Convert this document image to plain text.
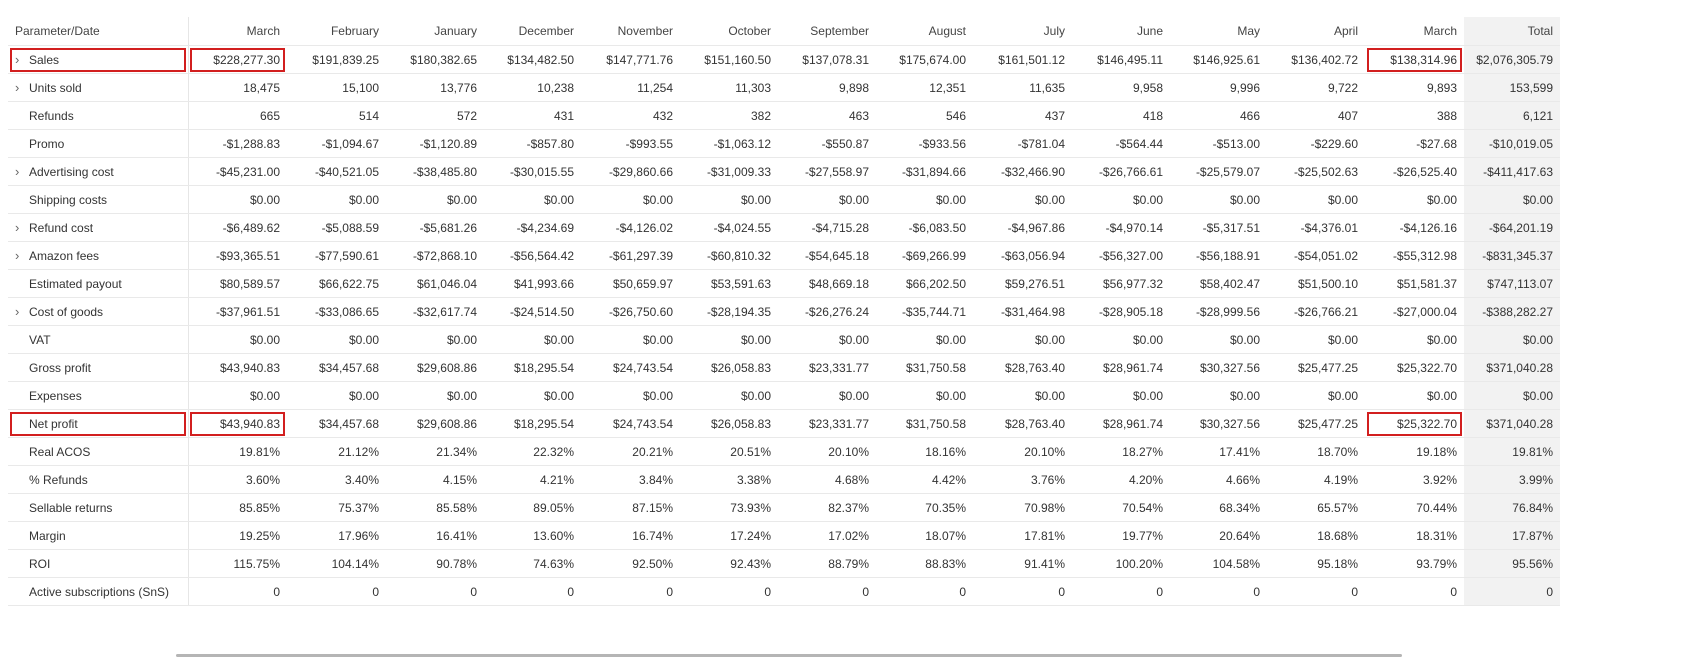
Parameter/Date	March	February	January	December	November	October	September	August	July	June	May	April	March	Total
› Sales	$228,277.30	$191,839.25	$180,382.65	$134,482.50	$147,771.76	$151,160.50	$137,078.31	$175,674.00	$161,501.12	$146,495.11	$146,925.61	$136,402.72	$138,314.96	$2,076,305.79
› Units sold	18,475	15,100	13,776	10,238	11,254	11,303	9,898	12,351	11,635	9,958	9,996	9,722	9,893	153,599
Refunds	665	514	572	431	432	382	463	546	437	418	466	407	388	6,121
Promo	-$1,288.83	-$1,094.67	-$1,120.89	-$857.80	-$993.55	-$1,063.12	-$550.87	-$933.56	-$781.04	-$564.44	-$513.00	-$229.60	-$27.68	-$10,019.05
› Advertising cost	-$45,231.00	-$40,521.05	-$38,485.80	-$30,015.55	-$29,860.66	-$31,009.33	-$27,558.97	-$31,894.66	-$32,466.90	-$26,766.61	-$25,579.07	-$25,502.63	-$26,525.40	-$411,417.63
Shipping costs	$0.00	$0.00	$0.00	$0.00	$0.00	$0.00	$0.00	$0.00	$0.00	$0.00	$0.00	$0.00	$0.00	$0.00
› Refund cost	-$6,489.62	-$5,088.59	-$5,681.26	-$4,234.69	-$4,126.02	-$4,024.55	-$4,715.28	-$6,083.50	-$4,967.86	-$4,970.14	-$5,317.51	-$4,376.01	-$4,126.16	-$64,201.19
› Amazon fees	-$93,365.51	-$77,590.61	-$72,868.10	-$56,564.42	-$61,297.39	-$60,810.32	-$54,645.18	-$69,266.99	-$63,056.94	-$56,327.00	-$56,188.91	-$54,051.02	-$55,312.98	-$831,345.37
Estimated payout	$80,589.57	$66,622.75	$61,046.04	$41,993.66	$50,659.97	$53,591.63	$48,669.18	$66,202.50	$59,276.51	$56,977.32	$58,402.47	$51,500.10	$51,581.37	$747,113.07
› Cost of goods	-$37,961.51	-$33,086.65	-$32,617.74	-$24,514.50	-$26,750.60	-$28,194.35	-$26,276.24	-$35,744.71	-$31,464.98	-$28,905.18	-$28,999.56	-$26,766.21	-$27,000.04	-$388,282.27
VAT	$0.00	$0.00	$0.00	$0.00	$0.00	$0.00	$0.00	$0.00	$0.00	$0.00	$0.00	$0.00	$0.00	$0.00
Gross profit	$43,940.83	$34,457.68	$29,608.86	$18,295.54	$24,743.54	$26,058.83	$23,331.77	$31,750.58	$28,763.40	$28,961.74	$30,327.56	$25,477.25	$25,322.70	$371,040.28
Expenses	$0.00	$0.00	$0.00	$0.00	$0.00	$0.00	$0.00	$0.00	$0.00	$0.00	$0.00	$0.00	$0.00	$0.00
Net profit	$43,940.83	$34,457.68	$29,608.86	$18,295.54	$24,743.54	$26,058.83	$23,331.77	$31,750.58	$28,763.40	$28,961.74	$30,327.56	$25,477.25	$25,322.70	$371,040.28
Real ACOS	19.81%	21.12%	21.34%	22.32%	20.21%	20.51%	20.10%	18.16%	20.10%	18.27%	17.41%	18.70%	19.18%	19.81%
% Refunds	3.60%	3.40%	4.15%	4.21%	3.84%	3.38%	4.68%	4.42%	3.76%	4.20%	4.66%	4.19%	3.92%	3.99%
Sellable returns	85.85%	75.37%	85.58%	89.05%	87.15%	73.93%	82.37%	70.35%	70.98%	70.54%	68.34%	65.57%	70.44%	76.84%
Margin	19.25%	17.96%	16.41%	13.60%	16.74%	17.24%	17.02%	18.07%	17.81%	19.77%	20.64%	18.68%	18.31%	17.87%
ROI	115.75%	104.14%	90.78%	74.63%	92.50%	92.43%	88.79%	88.83%	91.41%	100.20%	104.58%	95.18%	93.79%	95.56%
Active subscriptions (SnS)	0	0	0	0	0	0	0	0	0	0	0	0	0	0
